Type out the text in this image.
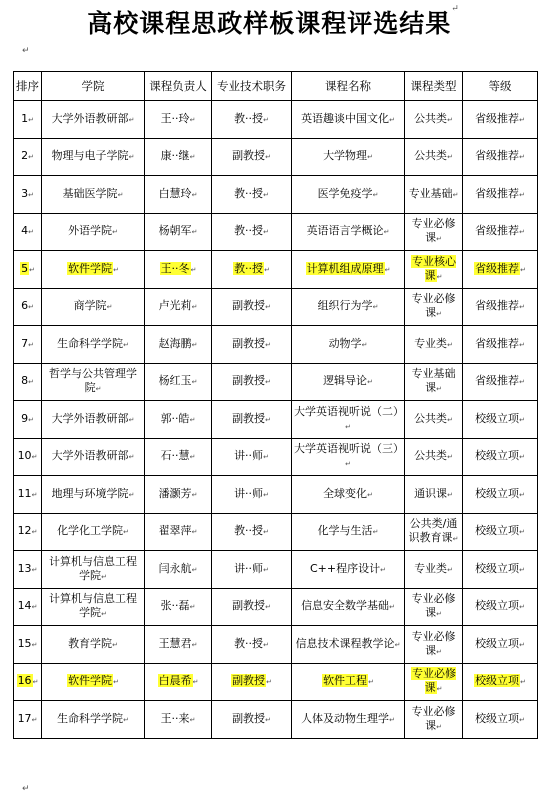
高校课程思政样板课程评选结果↵
↵
↵
排序	学院	课程负责人	专业技术职务	课程名称	课程类型	等级
1↵	大学外语教研部↵	王··玲↵	教··授↵	英语趣谈中国文化↵	公共类↵	省级推荐↵
2↵	物理与电子学院↵	康··继↵	副教授↵	大学物理↵	公共类↵	省级推荐↵
3↵	基础医学院↵	白慧玲↵	教··授↵	医学免疫学↵	专业基础↵	省级推荐↵
4↵	外语学院↵	杨朝军↵	教··授↵	英语语言学概论↵	专业必修课↵	省级推荐↵
5↵	软件学院↵	王··冬↵	教··授↵	计算机组成原理↵	专业核心课↵	省级推荐↵
6↵	商学院↵	卢光莉↵	副教授↵	组织行为学↵	专业必修课↵	省级推荐↵
7↵	生命科学学院↵	赵海鹏↵	副教授↵	动物学↵	专业类↵	省级推荐↵
8↵	哲学与公共管理学院↵	杨红玉↵	副教授↵	逻辑导论↵	专业基础课↵	省级推荐↵
9↵	大学外语教研部↵	郭··皓↵	副教授↵	大学英语视听说（二）↵	公共类↵	校级立项↵
10↵	大学外语教研部↵	石··慧↵	讲··师↵	大学英语视听说（三）↵	公共类↵	校级立项↵
11↵	地理与环境学院↵	潘灏芳↵	讲··师↵	全球变化↵	通识课↵	校级立项↵
12↵	化学化工学院↵	翟翠萍↵	教··授↵	化学与生活↵	公共类/通识教育课↵	校级立项↵
13↵	计算机与信息工程学院↵	闫永航↵	讲··师↵	C++程序设计↵	专业类↵	校级立项↵
14↵	计算机与信息工程学院↵	张··磊↵	副教授↵	信息安全数学基础↵	专业必修课↵	校级立项↵
15↵	教育学院↵	王慧君↵	教··授↵	信息技术课程教学论↵	专业必修课↵	校级立项↵
16↵	软件学院↵	白晨希↵	副教授↵	软件工程↵	专业必修课↵	校级立项↵
17↵	生命科学学院↵	王··来↵	副教授↵	人体及动物生理学↵	专业必修课↵	校级立项↵
